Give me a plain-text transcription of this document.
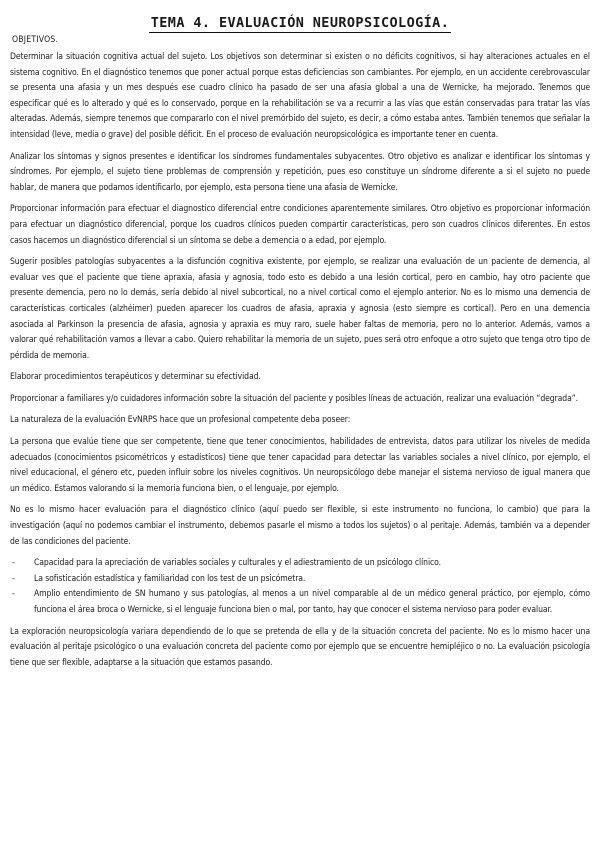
TEMA 4. EVALUACIÓN NEUROPSICOLOGÍA.
OBJETIVOS.

Determinar la situación cognitiva actual del sujeto. Los objetivos son determinar si existen o no déficits cognitivos, si hay alteraciones actuales en el sistema cognitivo. En el diagnóstico tenemos que poner actual porque estas deficiencias son cambiantes. Por ejemplo, en un accidente cerebrovascular se presenta una afasia y un mes después ese cuadro clínico ha pasado de ser una afasia global a una de Wernicke, ha mejorado. Tenemos que especificar qué es lo alterado y qué es lo conservado, porque en la rehabilitación se va a recurrir a las vías que están conservadas para tratar las vías alteradas. Además, siempre tenemos que compararlo con el nivel premórbido del sujeto, es decir, a cómo estaba antes. También tenemos que señalar la intensidad (leve, media o grave) del posible déficit. En el proceso de evaluación neuropsicológica es importante tener en cuenta.

Analizar los síntomas y signos presentes e identificar los síndromes fundamentales subyacentes. Otro objetivo es analizar e identificar los síntomas y síndromes. Por ejemplo, el sujeto tiene problemas de comprensión y repetición, pues eso constituye un síndrome diferente a si el sujeto no puede hablar, de manera que podamos identificarlo, por ejemplo, esta persona tiene una afasia de Wernicke.

Proporcionar información para efectuar el diagnostico diferencial entre condiciones aparentemente similares. Otro objetivo es proporcionar información para efectuar un diagnóstico diferencial, porque los cuadros clínicos pueden compartir características, pero son cuadros clínicos diferentes. En estos casos hacemos un diagnóstico diferencial si un síntoma se debe a demencia o a edad, por ejemplo.

Sugerir posibles patologías subyacentes a la disfunción cognitiva existente, por ejemplo, se realizar una evaluación de un paciente de demencia, al evaluar ves que el paciente que tiene apraxia, afasia y agnosia, todo esto es debido a una lesión cortical, pero en cambio, hay otro paciente que presente demencia, pero no lo demás, sería debido al nivel subcortical, no a nivel cortical como el ejemplo anterior. No es lo mismo una demencia de características corticales (alzhéimer) pueden aparecer los cuadros de afasia, apraxia y agnosia (esto siempre es cortical). Pero en una demencia asociada al Parkinson la presencia de afasia, agnosia y apraxia es muy raro, suele haber faltas de memoria, pero no lo anterior. Además, vamos a valorar qué rehabilitación vamos a llevar a cabo. Quiero rehabilitar la memoria de un sujeto, pues será otro enfoque a otro sujeto que tenga otro tipo de pérdida de memoria.

Elaborar procedimientos terapéuticos y determinar su efectividad.

Proporcionar a familiares y/o cuidadores información sobre la situación del paciente y posibles líneas de actuación, realizar una evaluación “degrada”.

La naturaleza de la evaluación EvNRPS hace que un profesional competente deba poseer:

La persona que evalúe tiene que ser competente, tiene que tener conocimientos, habilidades de entrevista, datos para utilizar los niveles de medida adecuados (conocimientos psicométricos y estadísticos) tiene que tener capacidad para detectar las variables sociales a nivel clínico, por ejemplo, el nivel educacional, el género etc, pueden influir sobre los niveles cognitivos. Un neuropsicólogo debe manejar el sistema nervioso de igual manera que un médico. Estamos valorando si la memoria funciona bien, o el lenguaje, por ejemplo.

No es lo mismo hacer evaluación para el diagnóstico clínico (aquí puedo ser flexible, si este instrumento no funciona, lo cambio) que para la investigación (aquí no podemos cambiar el instrumento, debemos pasarle el mismo a todos los sujetos) o al peritaje. Además, también va a depender de las condiciones del paciente.

- Capacidad para la apreciación de variables sociales y culturales y el adiestramiento de un psicólogo clínico.
- La sofisticación estadística y familiaridad con los test de un psicómetra.
- Amplio entendimiento de SN humano y sus patologías, al menos a un nivel comparable al de un médico general práctico, por ejemplo, cómo funciona el área broca o Wernicke, si el lenguaje funciona bien o mal, por tanto, hay que conocer el sistema nervioso para poder evaluar.

La exploración neuropsicología variara dependiendo de lo que se pretenda de ella y de la situación concreta del paciente. No es lo mismo hacer una evaluación al peritaje psicológico o una evaluación concreta del paciente como por ejemplo que se encuentre hemipléjico o no. La evaluación psicología tiene que ser flexible, adaptarse a la situación que estamos pasando.
